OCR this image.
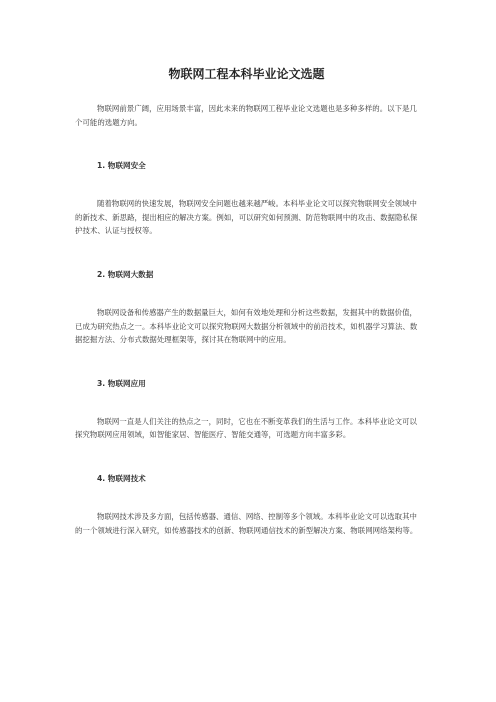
物联网工程本科毕业论文选题

物联网前景广阔，应用场景丰富，因此未来的物联网工程毕业论文选题也是多种多样的。以下是几个可能的选题方向。

1. 物联网安全

随着物联网的快速发展，物联网安全问题也越来越严峻。本科毕业论文可以探究物联网安全领域中的新技术、新思路，提出相应的解决方案。例如，可以研究如何预测、防范物联网中的攻击、数据隐私保护技术、认证与授权等。

2. 物联网大数据

物联网设备和传感器产生的数据量巨大，如何有效地处理和分析这些数据，发掘其中的数据价值，已成为研究热点之一。本科毕业论文可以探究物联网大数据分析领域中的前沿技术，如机器学习算法、数据挖掘方法、分布式数据处理框架等，探讨其在物联网中的应用。

3. 物联网应用

物联网一直是人们关注的热点之一，同时，它也在不断变革我们的生活与工作。本科毕业论文可以探究物联网应用领域，如智能家居、智能医疗、智能交通等，可选题方向丰富多彩。

4. 物联网技术

物联网技术涉及多方面，包括传感器、通信、网络、控制等多个领域。本科毕业论文可以选取其中的一个领域进行深入研究，如传感器技术的创新、物联网通信技术的新型解决方案、物联网网络架构等。
